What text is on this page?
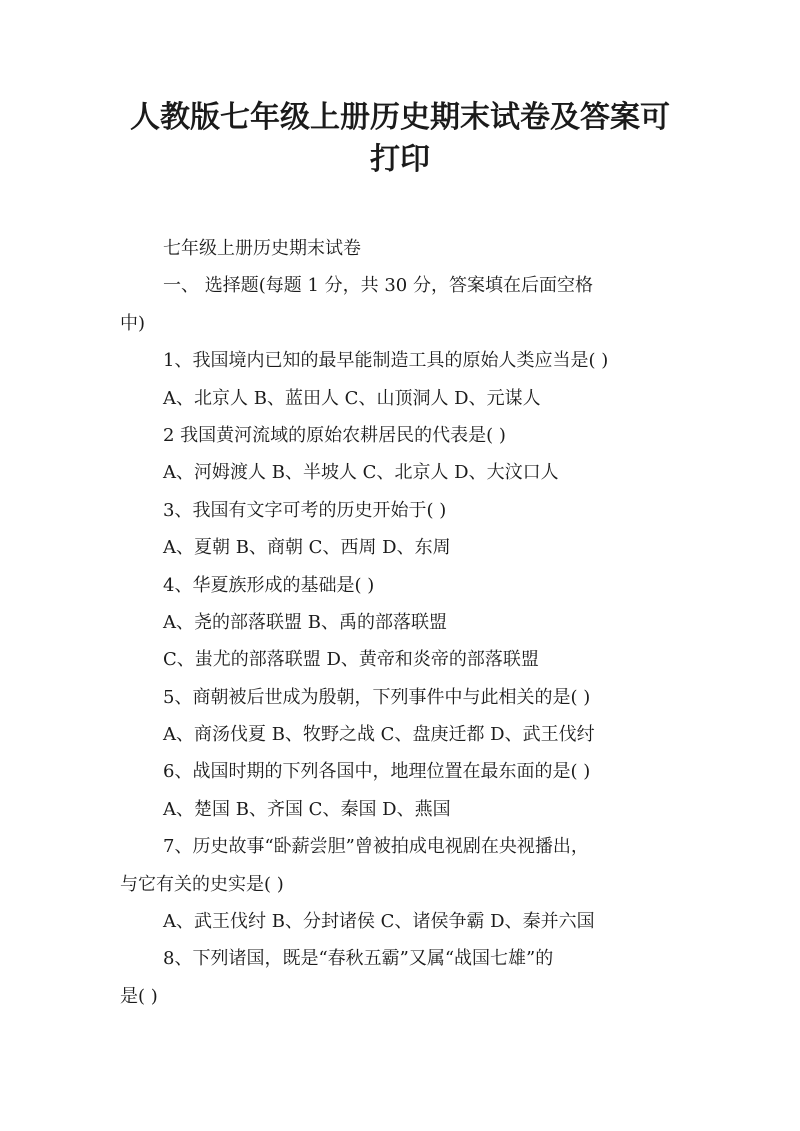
人教版七年级上册历史期末试卷及答案可
打印

七年级上册历史期末试卷

一、 选择题(每题 1 分，共 30 分，答案填在后面空格

中)

1、我国境内已知的最早能制造工具的原始人类应当是( )

A、北京人 B、蓝田人 C、山顶洞人 D、元谋人

2 我国黄河流域的原始农耕居民的代表是( )

A、河姆渡人 B、半坡人 C、北京人 D、大汶口人

3、我国有文字可考的历史开始于( )

A、夏朝 B、商朝 C、西周 D、东周

4、华夏族形成的基础是( )

A、尧的部落联盟 B、禹的部落联盟

C、蚩尤的部落联盟 D、黄帝和炎帝的部落联盟

5、商朝被后世成为殷朝，下列事件中与此相关的是( )

A、商汤伐夏 B、牧野之战 C、盘庚迁都 D、武王伐纣

6、战国时期的下列各国中，地理位置在最东面的是( )

A、楚国 B、齐国 C、秦国 D、燕国

7、历史故事“卧薪尝胆”曾被拍成电视剧在央视播出，

与它有关的史实是( )

A、武王伐纣 B、分封诸侯 C、诸侯争霸 D、秦并六国

8、下列诸国，既是“春秋五霸”又属“战国七雄”的

是( )
